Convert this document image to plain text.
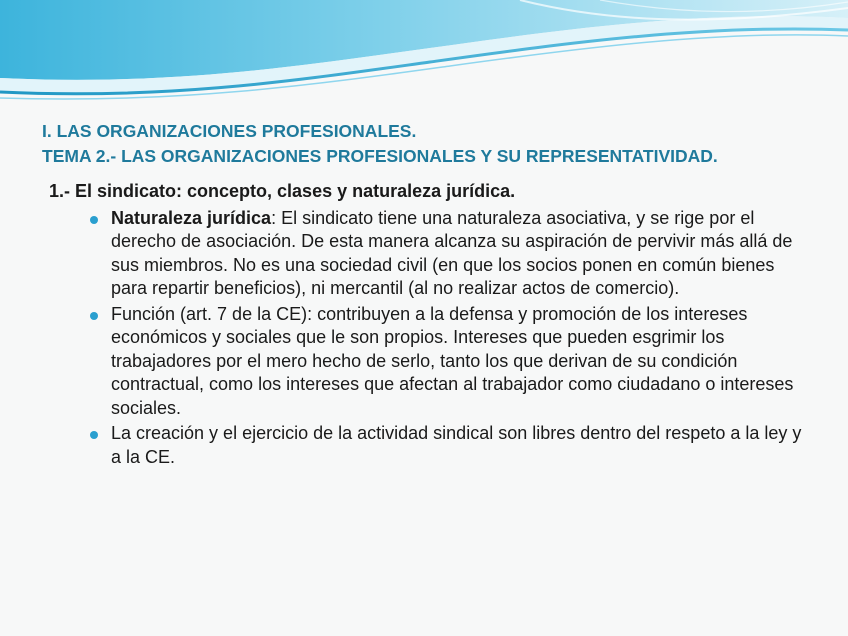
I. LAS ORGANIZACIONES PROFESIONALES.
TEMA 2.- LAS ORGANIZACIONES PROFESIONALES Y SU REPRESENTATIVIDAD.
1.- El sindicato: concepto, clases y naturaleza jurídica.
Naturaleza jurídica: El sindicato tiene una naturaleza asociativa, y se rige por el derecho de asociación. De esta manera alcanza su aspiración de pervivir más allá de sus miembros. No es una sociedad civil (en que los socios ponen en común bienes para repartir beneficios), ni mercantil (al no realizar actos de comercio).
Función (art. 7 de la CE): contribuyen a la defensa y promoción de los intereses económicos y sociales que le son propios. Intereses que pueden esgrimir los trabajadores por el mero hecho de serlo, tanto los que derivan de su condición contractual, como los intereses que afectan al trabajador como ciudadano o intereses sociales.
La creación y el ejercicio de la actividad sindical son libres dentro del respeto a la ley y a la CE.
